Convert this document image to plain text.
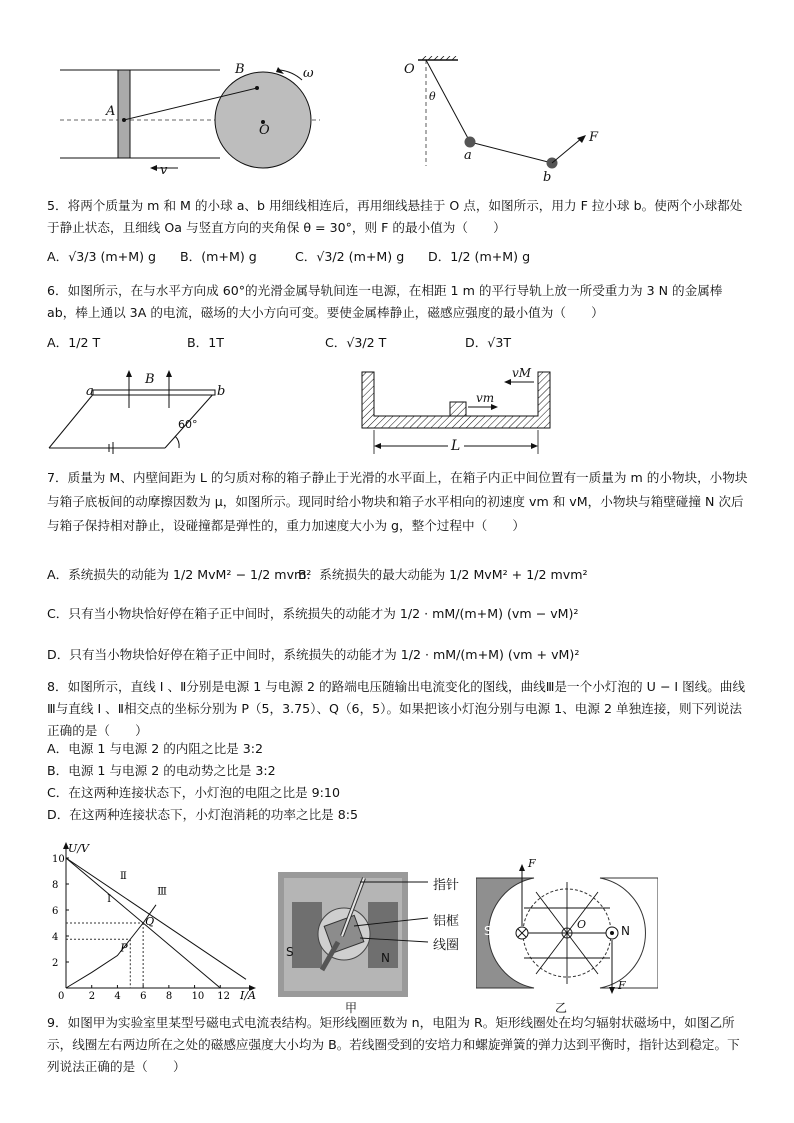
A
B
O
ω
v
O
θ
a
b
F
5．将两个质量为 m 和 M 的小球 a、b 用细线相连后，再用细线悬挂于 O 点，如图所示，用力 F 拉小球 b。使两个小球都处于静止状态，且细线 Oa 与竖直方向的夹角保 θ = 30°，则 F 的最小值为（　　）
A．√3/3 (m+M) g B．(m+M) g	C．√3/2 (m+M) g D．1/2 (m+M) g
6．如图所示，在与水平方向成 60°的光滑金属导轨间连一电源，在相距 1 m 的平行导轨上放一所受重力为 3 N 的金属棒 ab，棒上通以 3A 的电流，磁场的大小方向可变。要使金属棒静止，磁感应强度的最小值为（　　）
A．1/2 T	B．1T	C．√3/2 T	D．√3T
a	b
B
60°
vM
vm
L
7．质量为 M、内壁间距为 L 的匀质对称的箱子静止于光滑的水平面上，在箱子内正中间位置有一质量为 m 的小物块，小物块与箱子底板间的动摩擦因数为 μ，如图所示。现同时给小物块和箱子水平相向的初速度 vm 和 vM，小物块与箱壁碰撞 N 次后与箱子保持相对静止，设碰撞都是弹性的，重力加速度大小为 g，整个过程中（　　）
A．系统损失的动能为 1/2 MvM² − 1/2 mvm²
B．系统损失的最大动能为 1/2 MvM² + 1/2 mvm²
C．只有当小物块恰好停在箱子正中间时，系统损失的动能才为 1/2 · mM/(m+M) (vm − vM)²
D．只有当小物块恰好停在箱子正中间时，系统损失的动能才为 1/2 · mM/(m+M) (vm + vM)²
8．如图所示，直线 Ⅰ 、Ⅱ分别是电源 1 与电源 2 的路端电压随输出电流变化的图线，曲线Ⅲ是一个小灯泡的 U − I 图线。曲线Ⅲ与直线 Ⅰ 、Ⅱ相交点的坐标分别为 P（5，3.75）、Q（6，5）。如果把该小灯泡分别与电源 1、电源 2 单独连接，则下列说法正确的是（　　）
A．电源 1 与电源 2 的内阻之比是 3:2
B．电源 1 与电源 2 的电动势之比是 3:2
C．在这两种连接状态下，小灯泡的电阻之比是 9:10
D．在这两种连接状态下，小灯泡消耗的功率之比是 8:5
U/V
I/A
0 2 4 6 8 10 12
2
4
6
8
10
Ⅰ
Ⅱ
Ⅲ
P
Q
S	N
指针
铝框
线圈
甲
S	N
F
F
O
乙
9．如图甲为实验室里某型号磁电式电流表结构。矩形线圈匝数为 n，电阻为 R。矩形线圈处在均匀辐射状磁场中，如图乙所示，线圈左右两边所在之处的磁感应强度大小均为 B。若线圈受到的安培力和螺旋弹簧的弹力达到平衡时，指针达到稳定。下列说法正确的是（　　）
